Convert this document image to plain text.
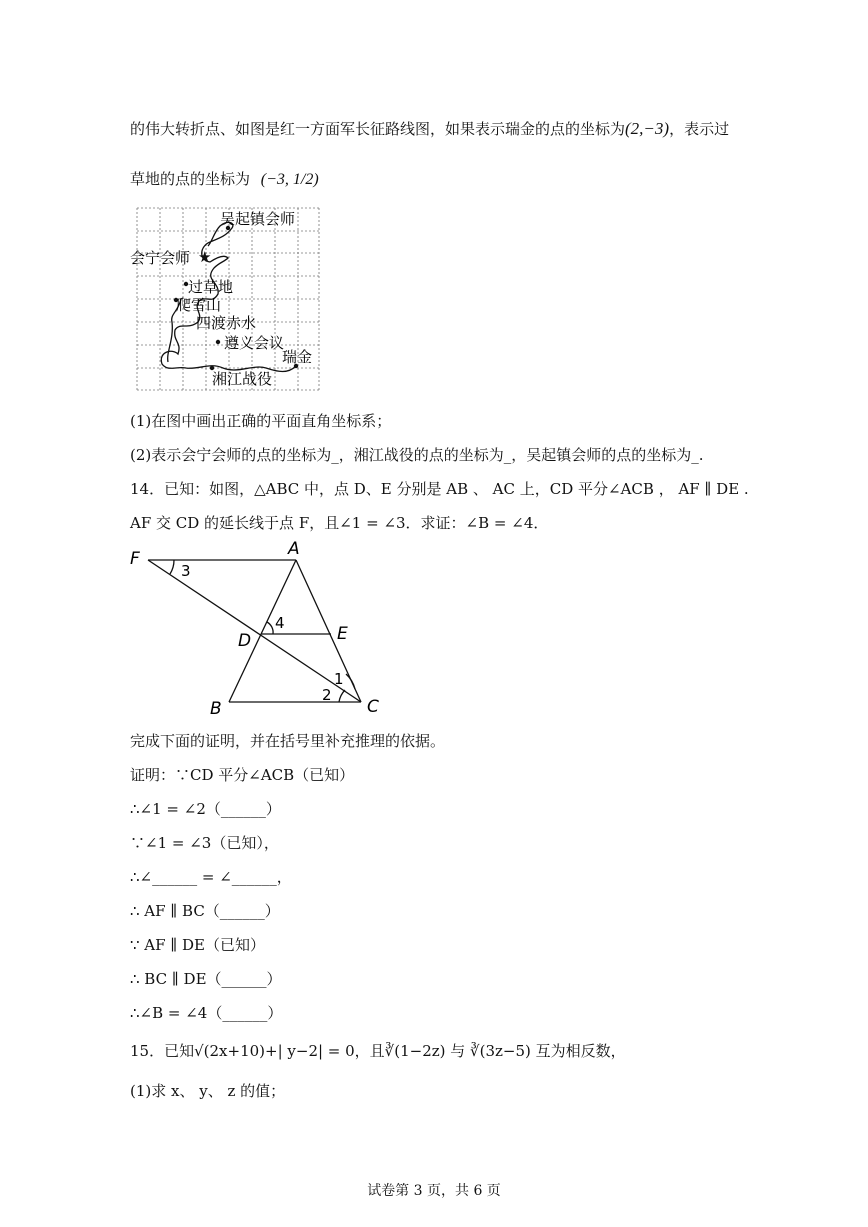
的伟大转折点、如图是红一方面军长征路线图，如果表示瑞金的点的坐标为(2,−3)，表示过
草地的点的坐标为 (−3, 1/2)
★
吴起镇会师
会宁会师
过草地
爬雪山
四渡赤水
遵义会议
瑞金
湘江战役
(1)在图中画出正确的平面直角坐标系；
(2)表示会宁会师的点的坐标为_，湘江战役的点的坐标为_，吴起镇会师的点的坐标为_.
14．已知：如图，△ABC 中，点 D、E 分别是 AB 、 AC 上，CD 平分∠ACB ， AF ∥ DE .
AF 交 CD 的延长线于点 F，且∠1 = ∠3．求证：∠B = ∠4．
F	A
D	E
B	C
3
4
1
2
完成下面的证明，并在括号里补充推理的依据。
证明：∵CD 平分∠ACB（已知）
∴∠1 = ∠2（______）
∵∠1 = ∠3（已知），
∴∠______ = ∠______，
∴ AF ∥ BC（______）
∵ AF ∥ DE（已知）
∴ BC ∥ DE（______）
∴∠B = ∠4（______）
15．已知√(2x+10)+| y−2| = 0，且∛(1−2z) 与 ∛(3z−5) 互为相反数，
(1)求 x、 y、 z 的值；
试卷第 3 页，共 6 页
